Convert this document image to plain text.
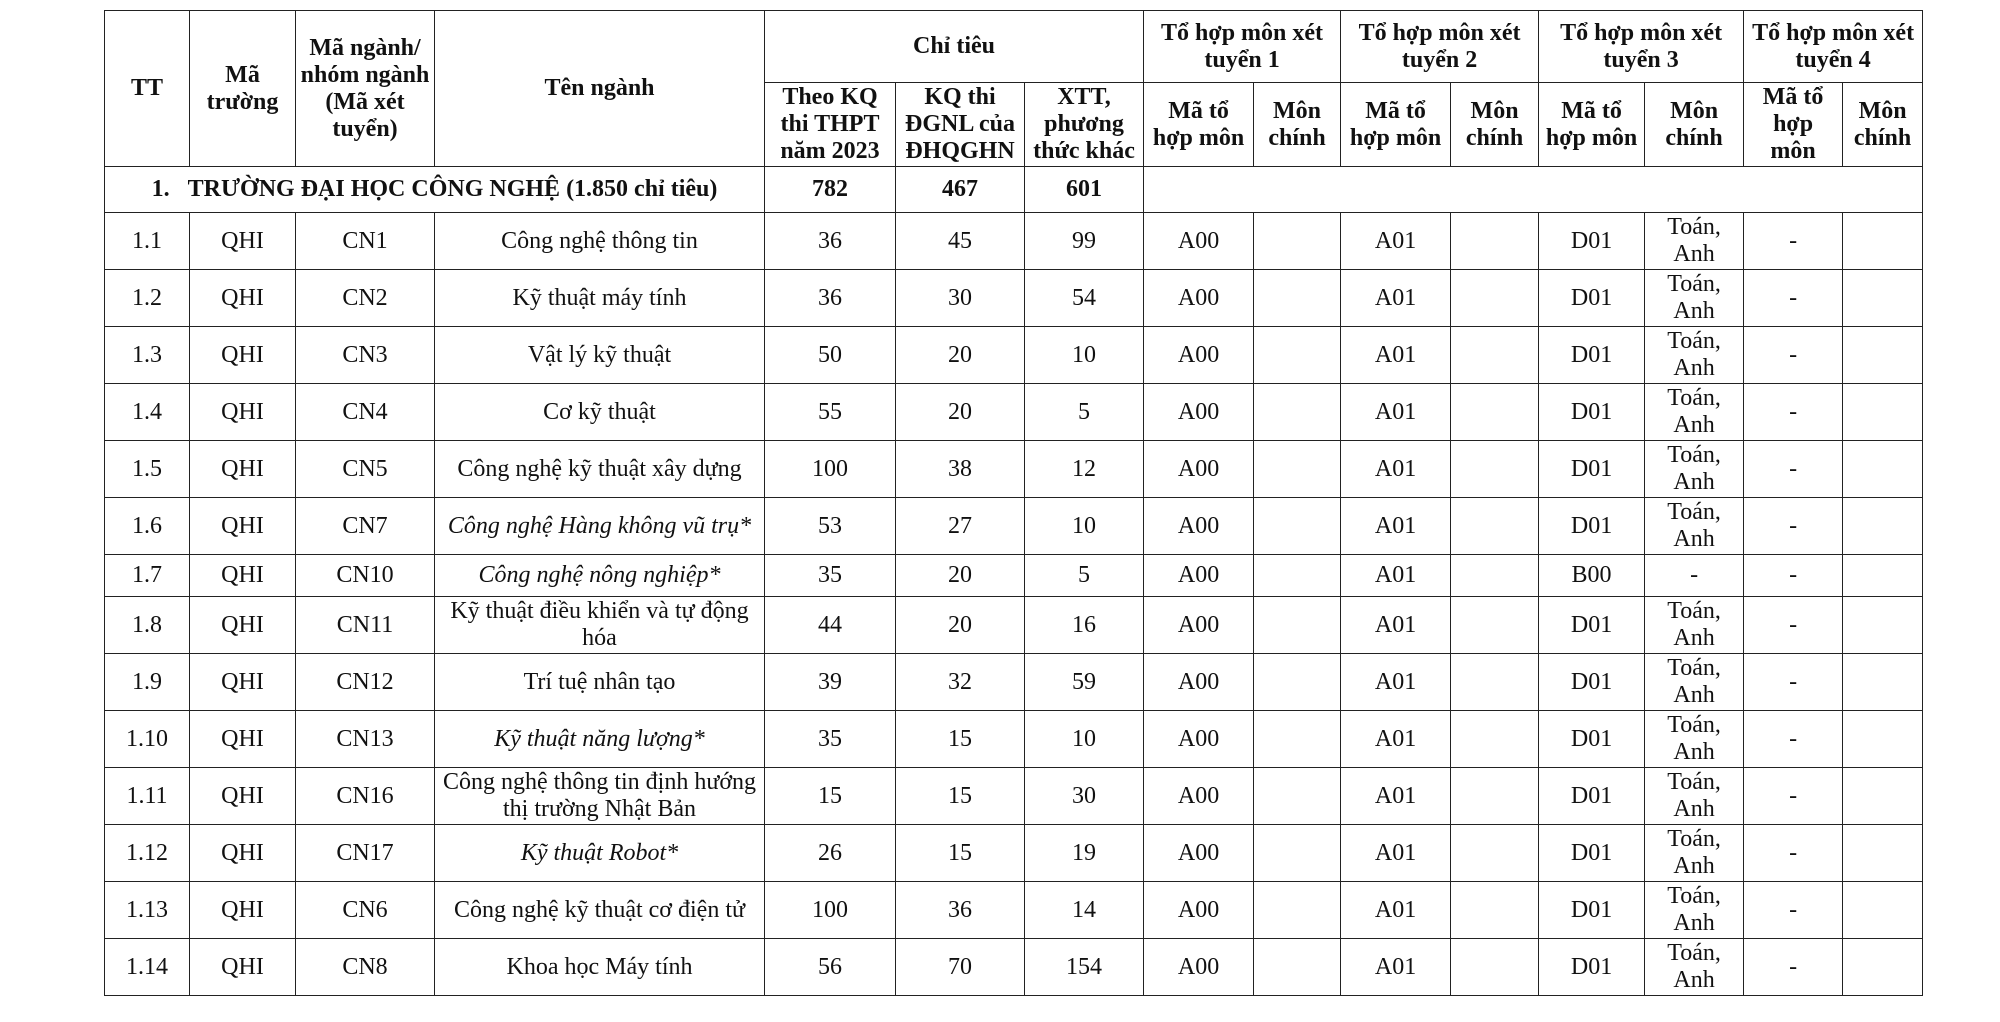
TT	Mã trường	Mã ngành/ nhóm ngành (Mã xét tuyển)	Tên ngành	Chỉ tiêu			Tổ hợp môn xét tuyển 1		Tổ hợp môn xét tuyển 2		Tổ hợp môn xét tuyển 3		Tổ hợp môn xét tuyển 4	
				Theo KQ thi THPT năm 2023	KQ thi ĐGNL của ĐHQGHN	XTT, phương thức khác	Mã tổ hợp môn	Môn chính	Mã tổ hợp môn	Môn chính	Mã tổ hợp môn	Môn chính	Mã tổ hợp môn	Môn chính
1. TRƯỜNG ĐẠI HỌC CÔNG NGHỆ (1.850 chỉ tiêu)				782	467	601								
1.1	QHI	CN1	Công nghệ thông tin	36	45	99	A00		A01		D01	Toán, Anh	-	
1.2	QHI	CN2	Kỹ thuật máy tính	36	30	54	A00		A01		D01	Toán, Anh	-	
1.3	QHI	CN3	Vật lý kỹ thuật	50	20	10	A00		A01		D01	Toán, Anh	-	
1.4	QHI	CN4	Cơ kỹ thuật	55	20	5	A00		A01		D01	Toán, Anh	-	
1.5	QHI	CN5	Công nghệ kỹ thuật xây dựng	100	38	12	A00		A01		D01	Toán, Anh	-	
1.6	QHI	CN7	Công nghệ Hàng không vũ trụ*	53	27	10	A00		A01		D01	Toán, Anh	-	
1.7	QHI	CN10	Công nghệ nông nghiệp*	35	20	5	A00		A01		B00	-	-	
1.8	QHI	CN11	Kỹ thuật điều khiển và tự động hóa	44	20	16	A00		A01		D01	Toán, Anh	-	
1.9	QHI	CN12	Trí tuệ nhân tạo	39	32	59	A00		A01		D01	Toán, Anh	-	
1.10	QHI	CN13	Kỹ thuật năng lượng*	35	15	10	A00		A01		D01	Toán, Anh	-	
1.11	QHI	CN16	Công nghệ thông tin định hướng thị trường Nhật Bản	15	15	30	A00		A01		D01	Toán, Anh	-	
1.12	QHI	CN17	Kỹ thuật Robot*	26	15	19	A00		A01		D01	Toán, Anh	-	
1.13	QHI	CN6	Công nghệ kỹ thuật cơ điện tử	100	36	14	A00		A01		D01	Toán, Anh	-	
1.14	QHI	CN8	Khoa học Máy tính	56	70	154	A00		A01		D01	Toán, Anh	-	
